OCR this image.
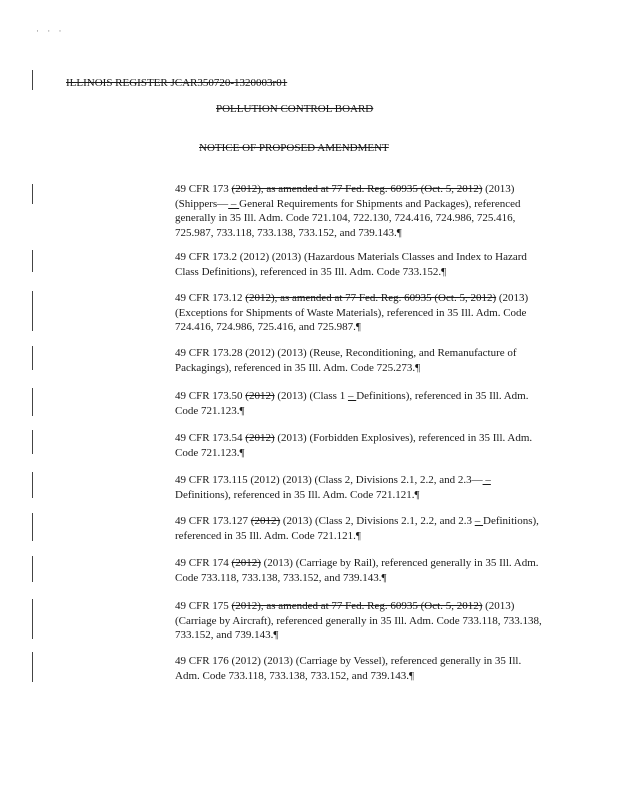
· · ·
ILLINOIS REGISTER JCAR350720-1320003r01
POLLUTION CONTROL BOARD
NOTICE OF PROPOSED AMENDMENT

49 CFR 173 (2012), as amended at 77 Fed. Reg. 60935 (Oct. 5, 2012) (2013) (Shippers— – General Requirements for Shipments and Packages), referenced generally in 35 Ill. Adm. Code 721.104, 722.130, 724.416, 724.986, 725.416, 725.987, 733.118, 733.138, 733.152, and 739.143.¶

49 CFR 173.2 (2012) (2013) (Hazardous Materials Classes and Index to Hazard Class Definitions), referenced in 35 Ill. Adm. Code 733.152.¶

49 CFR 173.12 (2012), as amended at 77 Fed. Reg. 60935 (Oct. 5, 2012) (2013) (Exceptions for Shipments of Waste Materials), referenced in 35 Ill. Adm. Code 724.416, 724.986, 725.416, and 725.987.¶

49 CFR 173.28 (2012) (2013) (Reuse, Reconditioning, and Remanufacture of Packagings), referenced in 35 Ill. Adm. Code 725.273.¶

49 CFR 173.50 (2012) (2013) (Class 1 – Definitions), referenced in 35 Ill. Adm. Code 721.123.¶

49 CFR 173.54 (2012) (2013) (Forbidden Explosives), referenced in 35 Ill. Adm. Code 721.123.¶

49 CFR 173.115 (2012) (2013) (Class 2, Divisions 2.1, 2.2, and 2.3— – Definitions), referenced in 35 Ill. Adm. Code 721.121.¶

49 CFR 173.127 (2012) (2013) (Class 2, Divisions 2.1, 2.2, and 2.3 – Definitions), referenced in 35 Ill. Adm. Code 721.121.¶

49 CFR 174 (2012) (2013) (Carriage by Rail), referenced generally in 35 Ill. Adm. Code 733.118, 733.138, 733.152, and 739.143.¶

49 CFR 175 (2012), as amended at 77 Fed. Reg. 60935 (Oct. 5, 2012) (2013) (Carriage by Aircraft), referenced generally in 35 Ill. Adm. Code 733.118, 733.138, 733.152, and 739.143.¶

49 CFR 176 (2012) (2013) (Carriage by Vessel), referenced generally in 35 Ill. Adm. Code 733.118, 733.138, 733.152, and 739.143.¶
